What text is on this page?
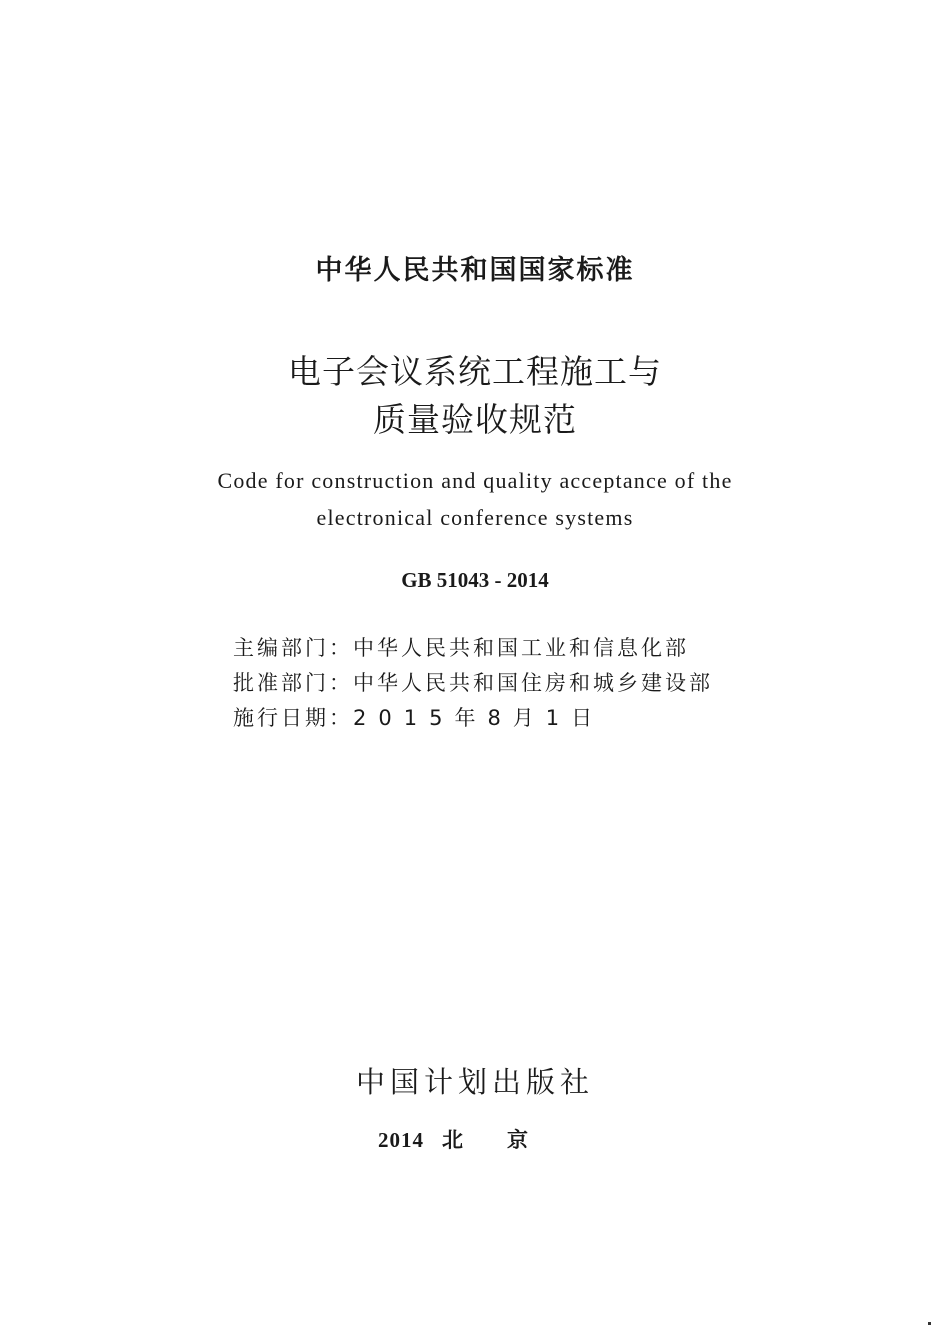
中华人民共和国国家标准
电子会议系统工程施工与
质量验收规范
Code for construction and quality acceptance of the
electronical conference systems
GB 51043 - 2014
主编部门：中华人民共和国工业和信息化部
批准部门：中华人民共和国住房和城乡建设部
施行日期：2015年8月1日
中国计划出版社
2014 北京
